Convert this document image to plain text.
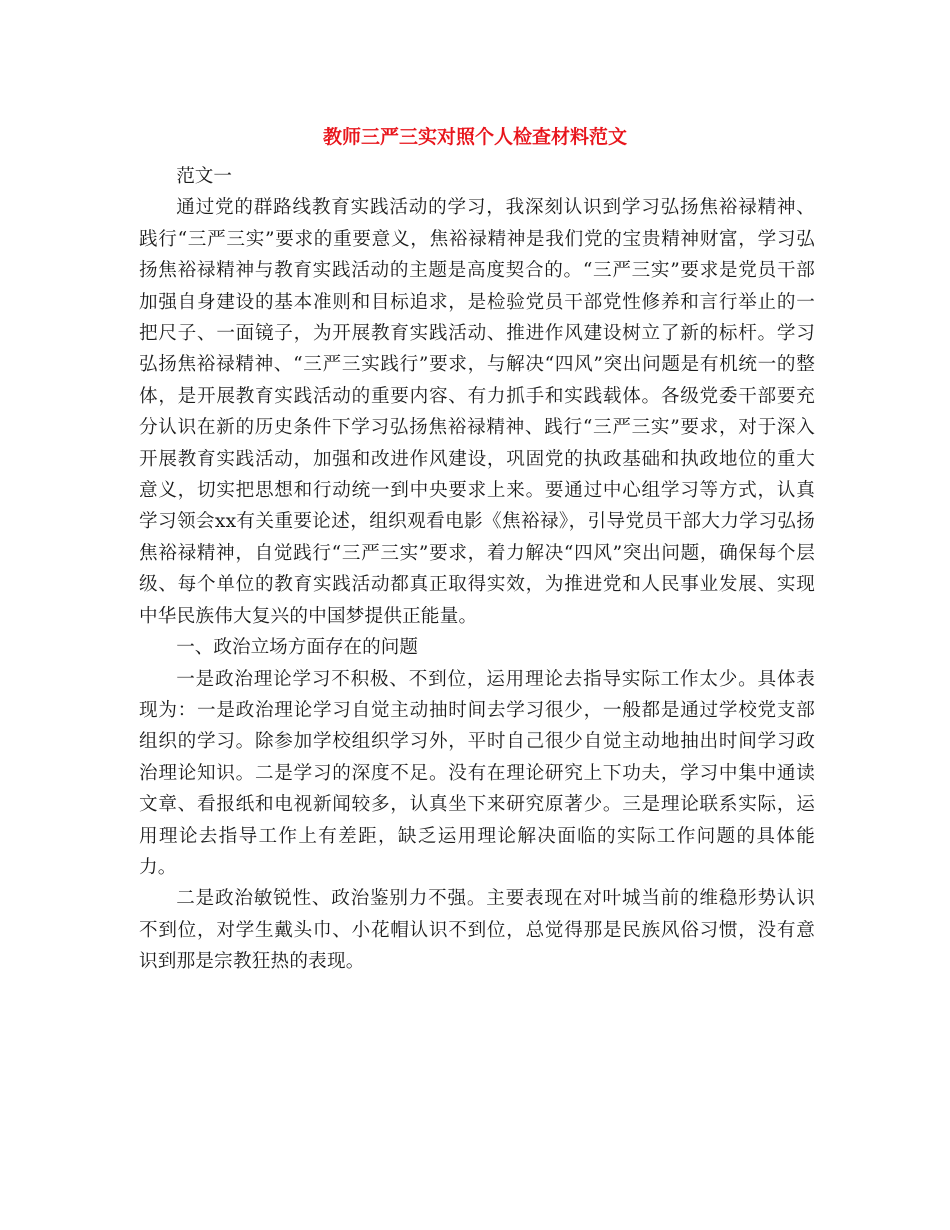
教师三严三实对照个人检查材料范文

范文一

通过党的群路线教育实践活动的学习，我深刻认识到学习弘扬焦裕禄精神、践行“三严三实”要求的重要意义，焦裕禄精神是我们党的宝贵精神财富，学习弘扬焦裕禄精神与教育实践活动的主题是高度契合的。“三严三实”要求是党员干部加强自身建设的基本准则和目标追求，是检验党员干部党性修养和言行举止的一把尺子、一面镜子，为开展教育实践活动、推进作风建设树立了新的标杆。学习弘扬焦裕禄精神、“三严三实践行”要求，与解决“四风”突出问题是有机统一的整体，是开展教育实践活动的重要内容、有力抓手和实践载体。各级党委干部要充分认识在新的历史条件下学习弘扬焦裕禄精神、践行“三严三实”要求，对于深入开展教育实践活动，加强和改进作风建设，巩固党的执政基础和执政地位的重大意义，切实把思想和行动统一到中央要求上来。要通过中心组学习等方式，认真学习领会xx有关重要论述，组织观看电影《焦裕禄》，引导党员干部大力学习弘扬焦裕禄精神，自觉践行“三严三实”要求，着力解决“四风”突出问题，确保每个层级、每个单位的教育实践活动都真正取得实效，为推进党和人民事业发展、实现中华民族伟大复兴的中国梦提供正能量。

一、政治立场方面存在的问题

一是政治理论学习不积极、不到位，运用理论去指导实际工作太少。具体表现为：一是政治理论学习自觉主动抽时间去学习很少，一般都是通过学校党支部组织的学习。除参加学校组织学习外，平时自己很少自觉主动地抽出时间学习政治理论知识。二是学习的深度不足。没有在理论研究上下功夫，学习中集中通读文章、看报纸和电视新闻较多，认真坐下来研究原著少。三是理论联系实际，运用理论去指导工作上有差距，缺乏运用理论解决面临的实际工作问题的具体能力。

二是政治敏锐性、政治鉴别力不强。主要表现在对叶城当前的维稳形势认识不到位，对学生戴头巾、小花帽认识不到位，总觉得那是民族风俗习惯，没有意识到那是宗教狂热的表现。
